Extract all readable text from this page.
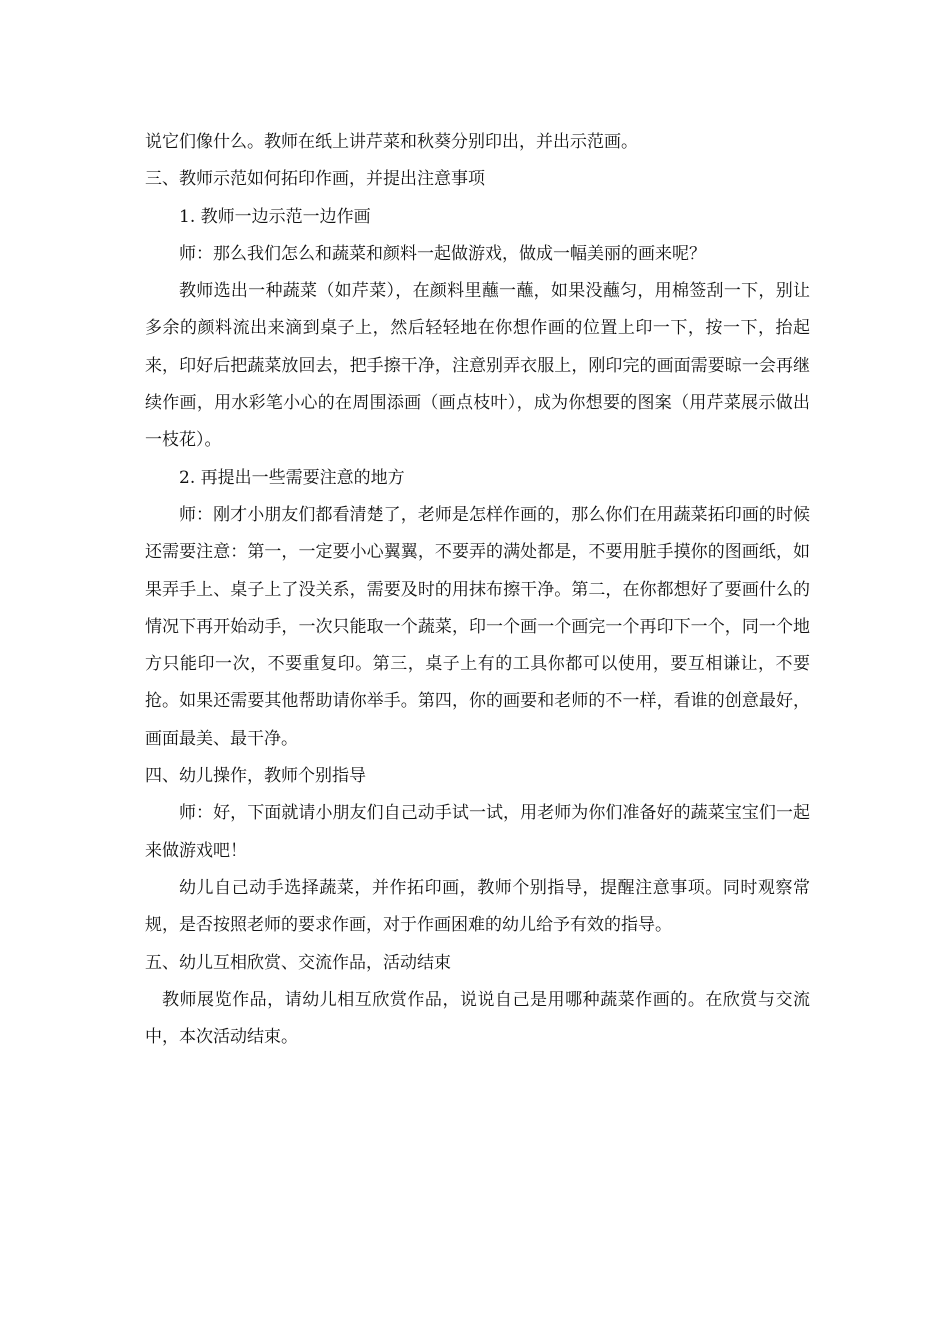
说它们像什么。教师在纸上讲芹菜和秋葵分别印出，并出示范画。

三、教师示范如何拓印作画，并提出注意事项

1. 教师一边示范一边作画

师：那么我们怎么和蔬菜和颜料一起做游戏，做成一幅美丽的画来呢？

教师选出一种蔬菜（如芹菜），在颜料里蘸一蘸，如果没蘸匀，用棉签刮一下，别让多余的颜料流出来滴到桌子上，然后轻轻地在你想作画的位置上印一下，按一下，抬起来，印好后把蔬菜放回去，把手擦干净，注意别弄衣服上，刚印完的画面需要晾一会再继续作画，用水彩笔小心的在周围添画（画点枝叶），成为你想要的图案（用芹菜展示做出一枝花）。

2. 再提出一些需要注意的地方

师：刚才小朋友们都看清楚了，老师是怎样作画的，那么你们在用蔬菜拓印画的时候还需要注意：第一，一定要小心翼翼，不要弄的满处都是，不要用脏手摸你的图画纸，如果弄手上、桌子上了没关系，需要及时的用抹布擦干净。第二，在你都想好了要画什么的情况下再开始动手，一次只能取一个蔬菜，印一个画一个画完一个再印下一个，同一个地方只能印一次，不要重复印。第三，桌子上有的工具你都可以使用，要互相谦让，不要抢。如果还需要其他帮助请你举手。第四，你的画要和老师的不一样，看谁的创意最好，画面最美、最干净。

四、幼儿操作，教师个别指导

师：好，下面就请小朋友们自己动手试一试，用老师为你们准备好的蔬菜宝宝们一起来做游戏吧！

幼儿自己动手选择蔬菜，并作拓印画，教师个别指导，提醒注意事项。同时观察常规，是否按照老师的要求作画，对于作画困难的幼儿给予有效的指导。

五、幼儿互相欣赏、交流作品，活动结束

教师展览作品，请幼儿相互欣赏作品，说说自己是用哪种蔬菜作画的。在欣赏与交流中，本次活动结束。
